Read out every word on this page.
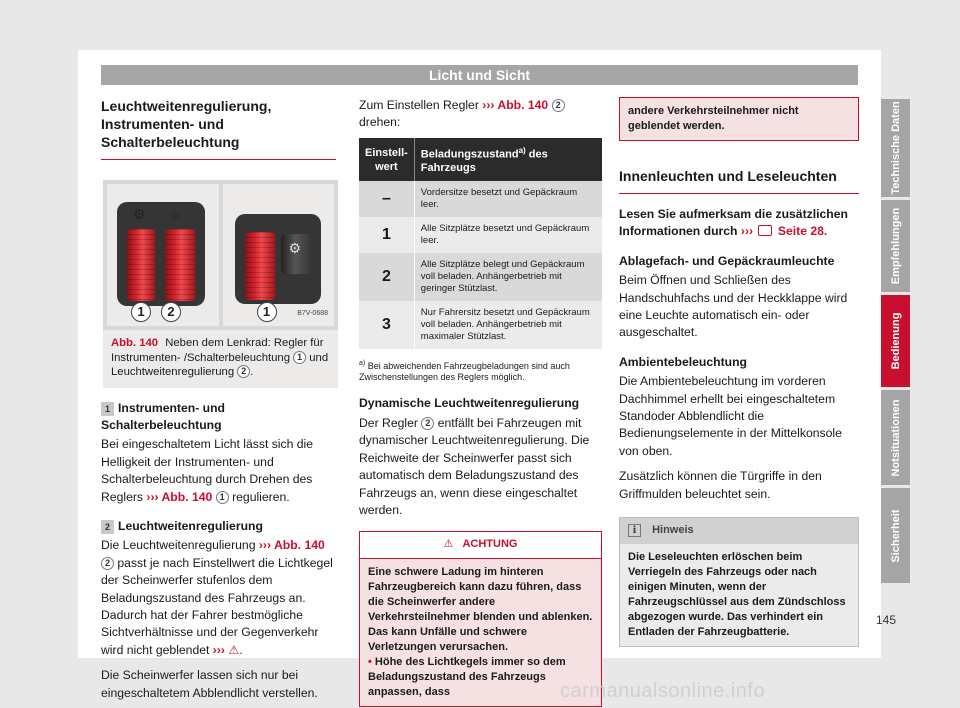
Licht und Sicht
Leuchtweitenregulierung, Instrumenten- und Schalterbeleuchtung
⚙ ☼
1	2
⚙
1	B7V-0688
Abb. 140 Neben dem Lenkrad: Regler für Instrumenten- /Schalterbeleuchtung 1 und Leuchtweitenregulierung 2 .
1 Instrumenten- und Schalterbeleuchtung

Bei eingeschaltetem Licht lässt sich die Helligkeit der Instrumenten- und Schalterbeleuchtung durch Drehen des Reglers ››› Abb. 140 1 regulieren.

2 Leuchtweitenregulierung

Die Leuchtweitenregulierung ››› Abb. 140 2 passt je nach Einstellwert die Lichtkegel der Scheinwerfer stufenlos dem Beladungszustand des Fahrzeugs an. Dadurch hat der Fahrer bestmögliche Sichtverhältnisse und der Gegenverkehr wird nicht geblendet ››› ⚠.

Die Scheinwerfer lassen sich nur bei eingeschaltetem Abblendlicht verstellen.

Zum Einstellen Regler ››› Abb. 140 2 drehen:

Einstell-wert	Beladungszustand$^{a)}$ des Fahrzeugs
–	Vordersitze besetzt und Gepäckraum leer.
1	Alle Sitzplätze besetzt und Gepäckraum leer.
2	Alle Sitzplätze belegt und Gepäckraum voll beladen. Anhängerbetrieb mit geringer Stützlast.
3	Nur Fahrersitz besetzt und Gepäckraum voll beladen. Anhängerbetrieb mit maximaler Stützlast.

$^{a)}$ Bei abweichenden Fahrzeugbeladungen sind auch Zwischenstellungen des Reglers möglich.

Dynamische Leuchtweitenregulierung

Der Regler 2 entfällt bei Fahrzeugen mit dynamischer Leuchtweitenregulierung. Die Reichweite der Scheinwerfer passt sich automatisch dem Beladungszustand des Fahrzeugs an, wenn diese eingeschaltet werden.

⚠ ACHTUNG

Eine schwere Ladung im hinteren Fahrzeugbereich kann dazu führen, dass die Scheinwerfer andere Verkehrsteilnehmer blenden und ablenken. Das kann Unfälle und schwere Verletzungen verursachen.

• Höhe des Lichtkegels immer so dem Beladungszustand des Fahrzeugs anpassen, dass

andere Verkehrsteilnehmer nicht geblendet werden.
Innenleuchten und Leseleuchten

Lesen Sie aufmerksam die zusätzlichen Informationen durch ››› Seite 28.

Ablagefach- und Gepäckraumleuchte

Beim Öffnen und Schließen des Handschuhfachs und der Heckklappe wird eine Leuchte automatisch ein- oder ausgeschaltet.

Ambientebeleuchtung

Die Ambientebeleuchtung im vorderen Dachhimmel erhellt bei eingeschaltetem Standoder Abblendlicht die Bedienungselemente in der Mittelkonsole von oben.

Zusätzlich können die Türgriffe in den Griffmulden beleuchtet sein.

ℹ Hinweis
Die Leseleuchten erlöschen beim Verriegeln des Fahrzeugs oder nach einigen Minuten, wenn der Fahrzeugschlüssel aus dem Zündschloss abgezogen wurde. Das verhindert ein Entladen der Fahrzeugbatterie.
Technische Daten
Empfehlungen
Bedienung
Notsituationen
Sicherheit
145
carmanualsonline.info
